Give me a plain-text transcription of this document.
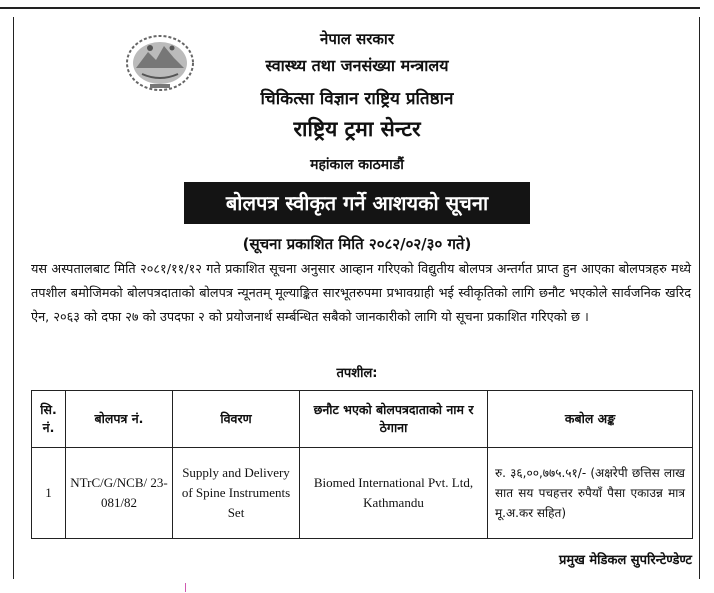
नेपाल सरकार
स्वास्थ्य तथा जनसंख्या मन्त्रालय
चिकित्सा विज्ञान राष्ट्रिय प्रतिष्ठान
राष्ट्रिय ट्रमा सेन्टर
महांकाल काठमाडौं
बोलपत्र स्वीकृत गर्ने आशयको सूचना
(सूचना प्रकाशित मिति २०८२/०२/३० गते)
यस अस्पतालबाट मिति २०८१/११/१२ गते प्रकाशित सूचना अनुसार आव्हान गरिएको विद्युतीय बोलपत्र अन्तर्गत प्राप्त हुन आएका बोलपत्रहरु मध्ये तपशील बमोजिमको बोलपत्रदाताको बोलपत्र न्यूनतम् मूल्याङ्कित सारभूतरुपमा प्रभावग्राही भई स्वीकृतिको लागि छनौट भएकोले सार्वजनिक खरिद ऐन, २०६३ को दफा २७ को उपदफा २ को प्रयोजनार्थ सर्म्बन्धित सबैको जानकारीको लागि यो सूचना प्रकाशित गरिएको छ ।
तपशील:
सि. नं.	बोलपत्र नं.	विवरण	छनौट भएको बोलपत्रदाताको नाम र ठेगाना	कबोल अङ्क
1	NTrC/G/NCB/ 23-081/82	Supply and Delivery of Spine Instruments Set	Biomed International Pvt. Ltd, Kathmandu	रु. ३६,००,७७५.५१/- (अक्षरेपी छत्तिस लाख सात सय पचहत्तर रुपैयाँ पैसा एकाउन्न मात्र मू.अ.कर सहित)
प्रमुख मेडिकल सुपरिन्टेण्डेण्ट
